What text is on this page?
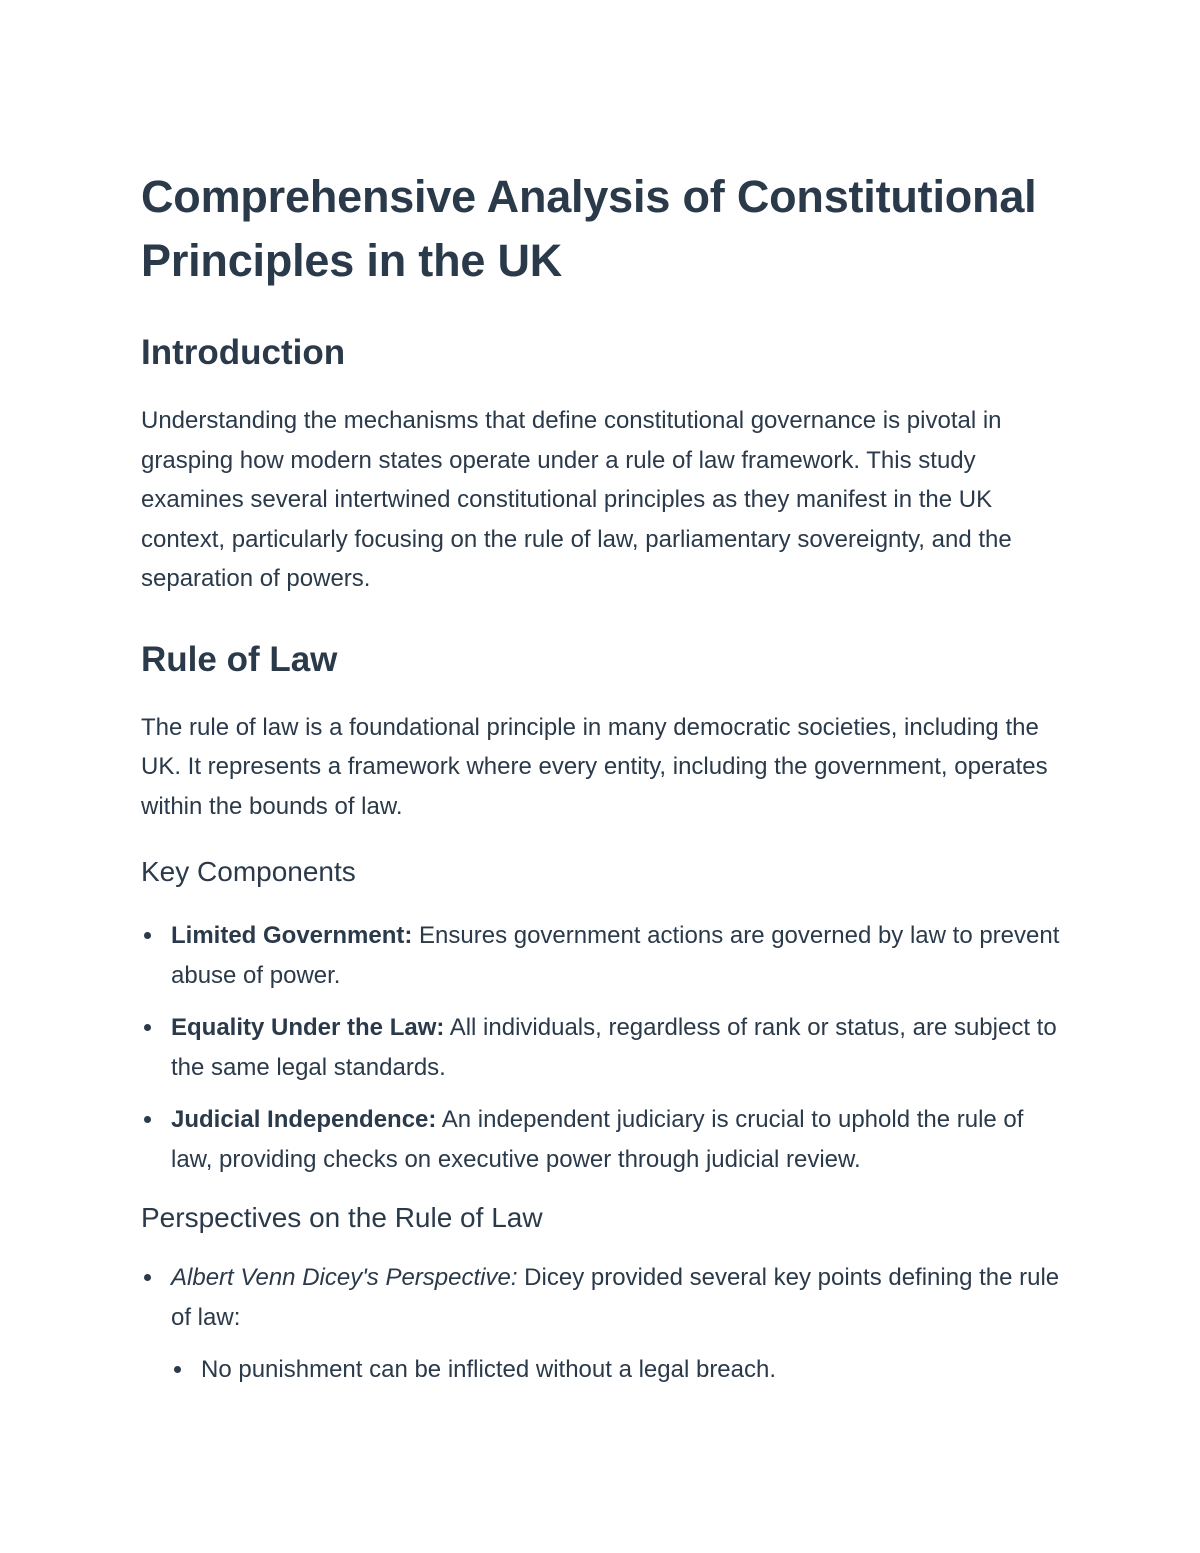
Comprehensive Analysis of Constitutional Principles in the UK
Introduction

Understanding the mechanisms that define constitutional governance is pivotal in grasping how modern states operate under a rule of law framework. This study examines several intertwined constitutional principles as they manifest in the UK context, particularly focusing on the rule of law, parliamentary sovereignty, and the separation of powers.

Rule of Law

The rule of law is a foundational principle in many democratic societies, including the UK. It represents a framework where every entity, including the government, operates within the bounds of law.

Key Components
Limited Government: Ensures government actions are governed by law to prevent abuse of power.
Equality Under the Law: All individuals, regardless of rank or status, are subject to the same legal standards.
Judicial Independence: An independent judiciary is crucial to uphold the rule of law, providing checks on executive power through judicial review.
Perspectives on the Rule of Law
Albert Venn Dicey's Perspective: Dicey provided several key points defining the rule of law:
No punishment can be inflicted without a legal breach.
